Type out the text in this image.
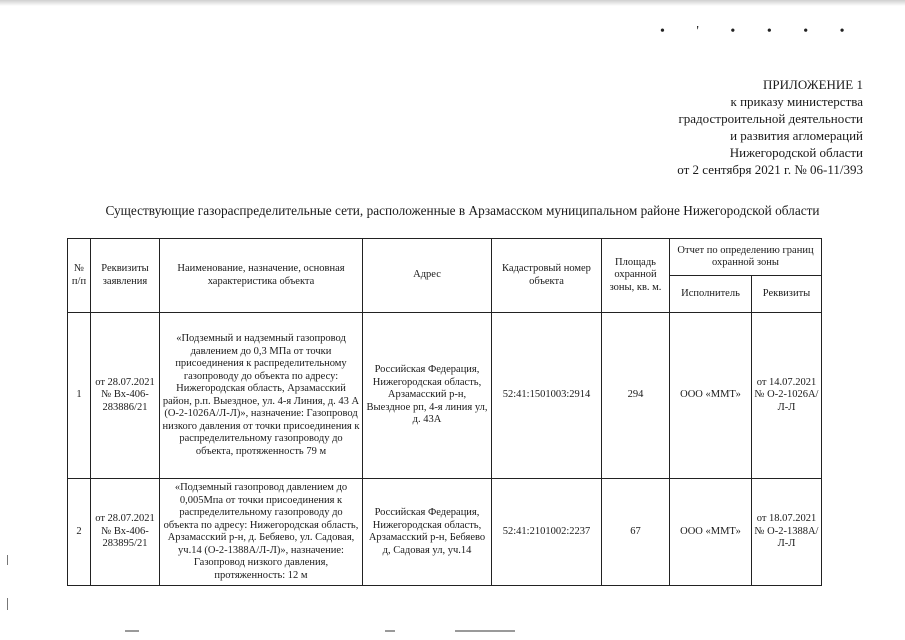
• ' • • • •
ПРИЛОЖЕНИЕ 1
к приказу министерства
градостроительной деятельности
и развития агломераций
Нижегородской области
от 2 сентября 2021 г. № 06-11/393
Существующие газораспределительные сети, расположенные в Арзамасском муниципальном районе Нижегородской области
№ п/п	Реквизиты заявления	Наименование, назначение, основная характеристика объекта	Адрес	Кадастровый номер объекта	Площадь охранной зоны, кв. м.	Отчет по определению границ охранной зоны	
						Исполнитель	Реквизиты
1	от 28.07.2021 № Вх-406-283886/21	«Подземный и надземный газопровод давлением до 0,3 МПа от точки присоединения к распределительному газопроводу до объекта по адресу: Нижегородская область, Арзамасский район, р.п. Выездное, ул. 4-я Линия, д. 43 А (О-2-1026А/Л-Л)», назначение: Газопровод низкого давления от точки присоединения к распределительному газопроводу до объекта, протяженность 79 м	Российская Федерация, Нижегородская область, Арзамасский р-н, Выездное рп, 4-я линия ул, д. 43А	52:41:1501003:2914	294	ООО «ММТ»	от 14.07.2021 № О-2-1026А/Л-Л
2	от 28.07.2021 № Вх-406-283895/21	«Подземный газопровод давлением до 0,005Мпа от точки присоединения к распределительному газопроводу до объекта по адресу: Нижегородская область, Арзамасский р-н, д. Бебяево, ул. Садовая, уч.14 (О-2-1388А/Л-Л)», назначение: Газопровод низкого давления, протяженность: 12 м	Российская Федерация, Нижегородская область, Арзамасский р-н, Бебяево д, Садовая ул, уч.14	52:41:2101002:2237	67	ООО «ММТ»	от 18.07.2021 № О-2-1388А/Л-Л
